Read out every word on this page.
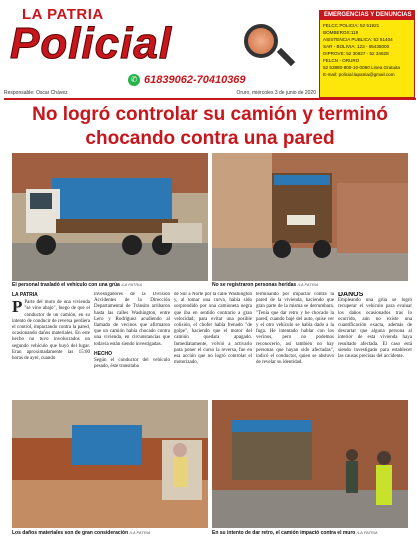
LA PATRIA
Policial
✆ 61839062-70410369
EMERGENCIAS Y DENUNCIAS
FELCC POLICIA: 52 51921
BOMBEROS:119
ASISTENCIA PUBLICA: 52 51404
SAR - BOLIVIA: 123 - 65435000
DIPROVE: 52 30627 - 52 34628
FELCN - ORURO
52 53880-800-10-0080 Linea Gratuita
E-mail: policial.lapatria@gmail.com
Responsable: Oscar Chávez	Oruro, miércoles 3 de junio de 2020
No logró controlar su camión y terminó chocando contra una pared
El personal trasladó el vehículo con una grúa /LA PATRIA	No se registraron personas heridas /LA PATRIA
LA PATRIA
P Parte del muro de una vivienda "se vino abajo", luego de que el conductor de un camión, en su intento de conducir de reversa perdiera el control, impactando contra la pared, ocasionando daños materiales. En este hecho no tuvo involucrados un segundo vehículo que huyó del lugar. Eran aproximadamente las 15:00 horas de ayer, cuando
investigadores de la División Accidentes de la Dirección Departamental de Tránsito arribaron hasta las calles Washington, entre Lero y Rodríguez acudiendo al llamado de vecinos que afirmaron que un camión había chocado contra una vivienda, en circunstancias que todavía están siendo investigadas.
HECHO
Según el conductor del vehículo pesado, éste transitaba
de Sur a Norte por la calle Washington y, al tomar una curva, había sido sorprendido por una camioneta negra que iba en sentido contrario a gran velocidad; para evitar una posible colisión, el chofer había frenado "de golpe", haciendo que el motor del camión quedara apagado. Inmediatamente, volvió a activarlo para poner el curso la reversa, fue en esa acción que no logró controlar el motorizado,
terminando por impactar contra la pared de la vivienda, haciendo que gran parte de la misma se derrumbara. "Tenía que dar retro y he chocado la pared, cuando bajé del auto, quise ver y el otro vehículo se había dado a la fuga. He intentado hablar con los vecinos, pero no podemos reconocerlo, así también no hay personas que hayan sido afectadas", indicó el conductor, quien se abstuvo de revelar su identidad.
DAÑOS
Empleando una grúa se logró recuperar el vehículo para evaluar los daños ocasionados tras lo ocurrido, aún no existe una cuantificación exacta, además de descartar que alguna persona al interior de esta vivienda haya resultado afectada. El caso está siendo investigado para establecer las causas precisas del accidente.
Los daños materiales son de gran consideración /LA PATRIA	En su intento de dar retro, el camión impactó contra el muro /LA PATRIA
